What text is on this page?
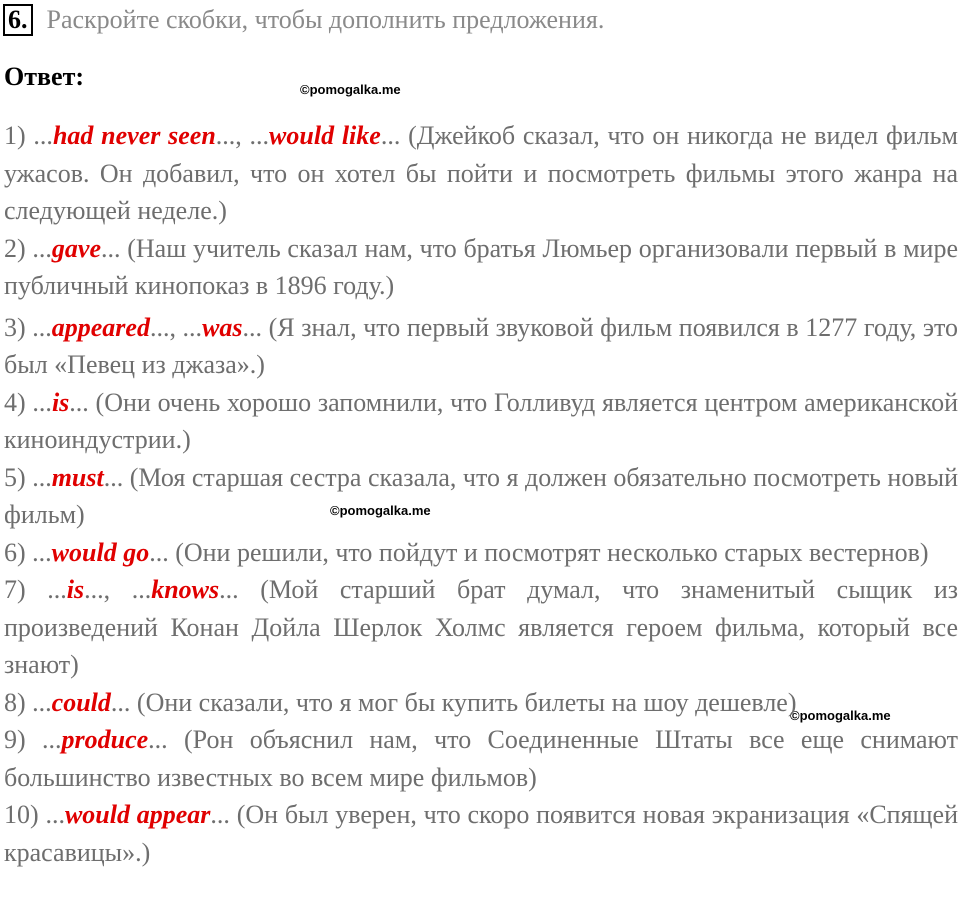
6. Раскройте скобки, чтобы дополнить предложения.
Ответ:	©pomogalka.me
©pomogalka.me
©pomogalka.me
1) ...had never seen..., ...would like... (Джейкоб сказал, что он никогда не видел фильм ужасов. Он добавил, что он хотел бы пойти и посмотреть фильмы этого жанра на следующей неделе.)
2) ...gave... (Наш учитель сказал нам, что братья Люмьер организовали первый в мире публичный кинопоказ в 1896 году.)
3) ...appeared..., ...was... (Я знал, что первый звуковой фильм появился в 1277 году, это был «Певец из джаза».)
4) ...is... (Они очень хорошо запомнили, что Голливуд является центром американской киноиндустрии.)
5) ...must... (Моя старшая сестра сказала, что я должен обязательно посмотреть новый фильм)
6) ...would go... (Они решили, что пойдут и посмотрят несколько старых вестернов)
7) ...is..., ...knows... (Мой старший брат думал, что знаменитый сыщик из произведений Конан Дойла Шерлок Холмс является героем фильма, который все знают)
8) ...could... (Они сказали, что я мог бы купить билеты на шоу дешевле)
9) ...produce... (Рон объяснил нам, что Соединенные Штаты все еще снимают большинство известных во всем мире фильмов)
10) ...would appear... (Он был уверен, что скоро появится новая экранизация «Спящей красавицы».)
